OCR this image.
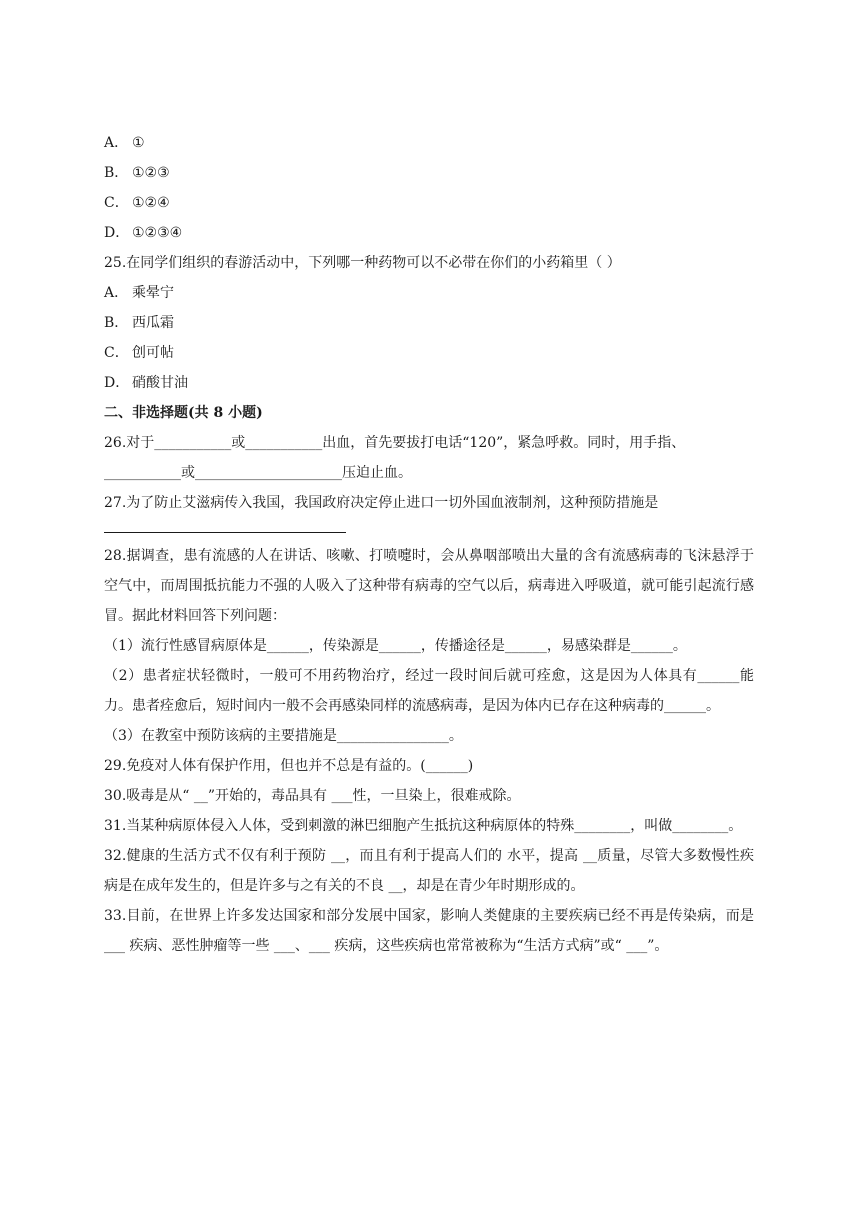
A． ①
B． ①②③
C． ①②④
D． ①②③④
25.在同学们组织的春游活动中，下列哪一种药物可以不必带在你们的小药箱里（ ）
A． 乘晕宁
B． 西瓜霜
C． 创可帖
D． 硝酸甘油
二、非选择题(共 8 小题)
26.对于___________或___________出血，首先要拔打电话“120”，紧急呼救。同时，用手指、
___________或_____________________压迫止血。
27.为了防止艾滋病传入我国，我国政府决定停止进口一切外国血液制剂，这种预防措施是
28.据调查，患有流感的人在讲话、咳嗽、打喷嚏时，会从鼻咽部喷出大量的含有流感病毒的飞沫悬浮于空气中，而周围抵抗能力不强的人吸入了这种带有病毒的空气以后，病毒进入呼吸道，就可能引起流行感冒。据此材料回答下列问题：
（1）流行性感冒病原体是______，传染源是______，传播途径是______，易感染群是______。
（2）患者症状轻微时，一般可不用药物治疗，经过一段时间后就可痊愈，这是因为人体具有______能力。患者痊愈后，短时间内一般不会再感染同样的流感病毒，是因为体内已存在这种病毒的______。
（3）在教室中预防该病的主要措施是________________。
29.免疫对人体有保护作用，但也并不总是有益的。(______)
30.吸毒是从“ __”开始的，毒品具有 ___性，一旦染上，很难戒除。
31.当某种病原体侵入人体，受到刺激的淋巴细胞产生抵抗这种病原体的特殊________，叫做________。
32.健康的生活方式不仅有利于预防 __，而且有利于提高人们的 水平，提高 __质量，尽管大多数慢性疾病是在成年发生的，但是许多与之有关的不良 __，却是在青少年时期形成的。
33.目前，在世界上许多发达国家和部分发展中国家，影响人类健康的主要疾病已经不再是传染病，而是___ 疾病、恶性肿瘤等一些 ___、___ 疾病，这些疾病也常常被称为“生活方式病”或“ ___”。
